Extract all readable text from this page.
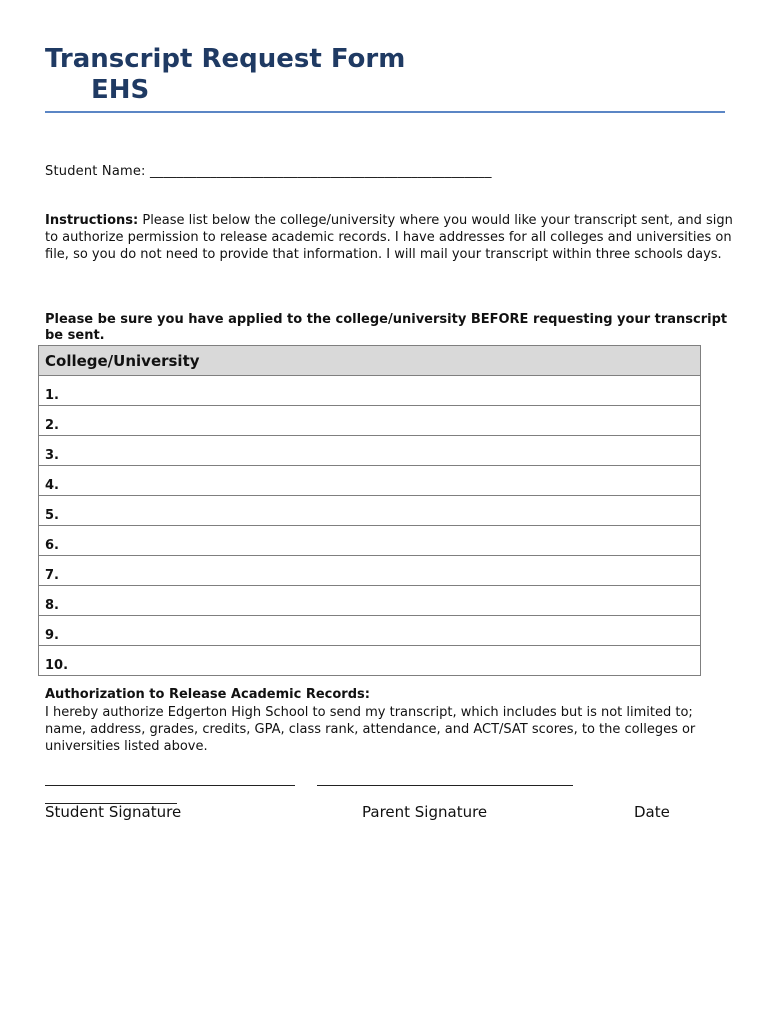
Transcript Request Form
EHS
Student Name: ___________________________________________________

Instructions: Please list below the college/university where you would like your transcript sent, and sign to authorize permission to release academic records. I have addresses for all colleges and universities on file, so you do not need to provide that information. I will mail your transcript within three schools days.

Please be sure you have applied to the college/university BEFORE requesting your transcript be sent.

College/University
1.
2.
3.
4.
5.
6.
7.
8.
9.
10.

Authorization to Release Academic Records:

I hereby authorize Edgerton High School to send my transcript, which includes but is not limited to; name, address, grades, credits, GPA, class rank, attendance, and ACT/SAT scores, to the colleges or universities listed above.

Student Signature	Parent Signature	Date
